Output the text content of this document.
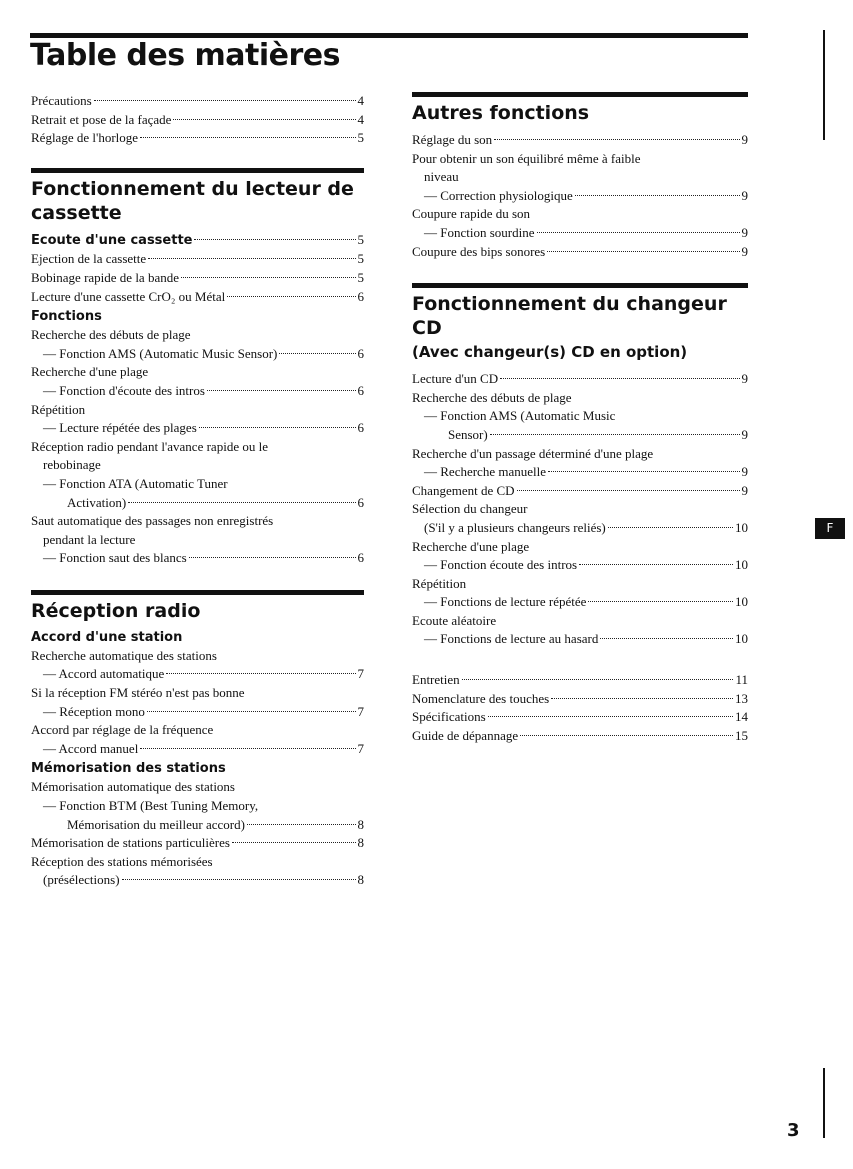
Table des matières
Précautions	4
Retrait et pose de la façade	4
Réglage de l'horloge	5
Fonctionnement du lecteur de
cassette
Ecoute d'une cassette	5
Ejection de la cassette	5
Bobinage rapide de la bande	5
Lecture d'une cassette CrO₂ ou Métal	6
Fonctions
Recherche des débuts de plage
— Fonction AMS (Automatic Music Sensor)	6
Recherche d'une plage
— Fonction d'écoute des intros	6
Répétition
— Lecture répétée des plages	6
Réception radio pendant l'avance rapide ou le
rebobinage
— Fonction ATA (Automatic Tuner
Activation)	6
Saut automatique des passages non enregistrés
pendant la lecture
— Fonction saut des blancs	6
Réception radio
Accord d'une station
Recherche automatique des stations
— Accord automatique	7
Si la réception FM stéréo n'est pas bonne
— Réception mono	7
Accord par réglage de la fréquence
— Accord manuel	7
Mémorisation des stations
Mémorisation automatique des stations
— Fonction BTM (Best Tuning Memory,
Mémorisation du meilleur accord)	8
Mémorisation de stations particulières	8
Réception des stations mémorisées
(présélections)	8
Autres fonctions
Réglage du son	9
Pour obtenir un son équilibré même à faible
niveau
— Correction physiologique	9
Coupure rapide du son
— Fonction sourdine	9
Coupure des bips sonores	9
Fonctionnement du changeur CD
(Avec changeur(s) CD en option)
Lecture d'un CD	9
Recherche des débuts de plage
— Fonction AMS (Automatic Music
Sensor)	9
Recherche d'un passage déterminé d'une plage
— Recherche manuelle	9
Changement de CD	9
Sélection du changeur
(S'il y a plusieurs changeurs reliés)	10
Recherche d'une plage
— Fonction écoute des intros	10
Répétition
— Fonctions de lecture répétée	10
Ecoute aléatoire
— Fonctions de lecture au hasard	10
Entretien	11
Nomenclature des touches	13
Spécifications	14
Guide de dépannage	15
F
3
